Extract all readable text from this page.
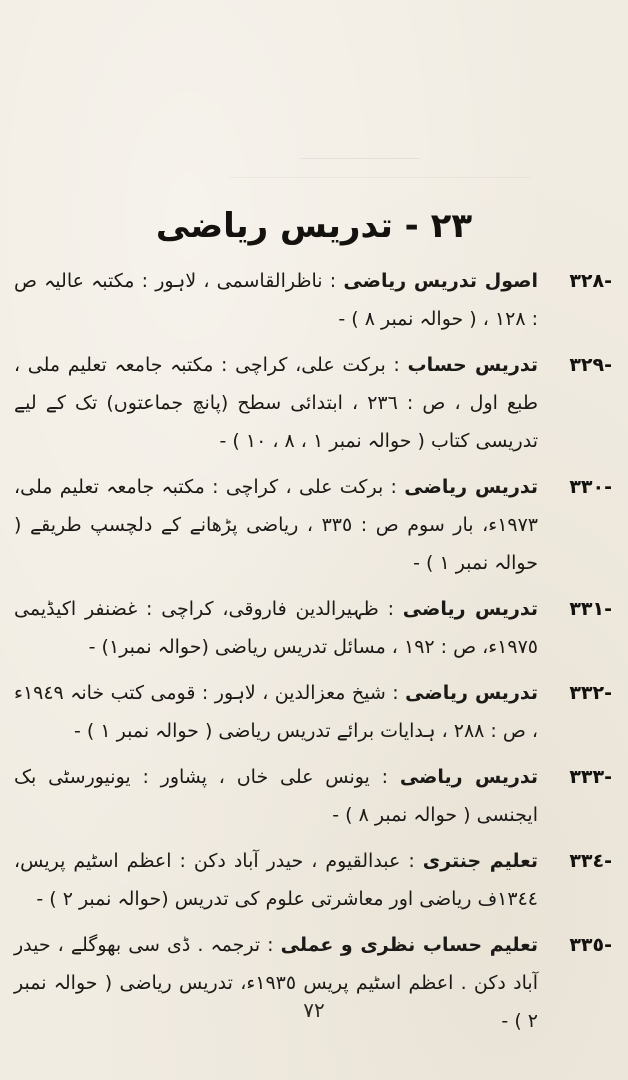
٢٣ - تدریس ریاضی
-٣٢٨
اصول تدریس ریاضی : ناظرالقاسمی ، لاہور : مکتبہ عالیہ ص : ١٢٨ ، ( حوالہ نمبر ٨ ) -
-٣٢٩
تدریس حساب : برکت علی، کراچی : مکتبہ جامعہ تعلیم ملی ، طبع اول ، ص : ٢٣٦ ، ابتدائی سطح (پانچ جماعتوں) تک کے لیے تدریسی کتاب ( حوالہ نمبر ١ ، ٨ ، ١٠ ) -
-٣٣٠
تدریس ریاضی : برکت علی ، کراچی : مکتبہ جامعہ تعلیم ملی، ١٩٧٣ء، بار سوم ص : ٣٣٥ ، ریاضی پڑھانے کے دلچسپ طریقے ( حوالہ نمبر ١ ) -
-٣٣١
تدریس ریاضی : ظہیرالدین فاروقی، کراچی : غضنفر اکیڈیمی ١٩٧٥ء، ص : ١٩٢ ، مسائل تدریس ریاضی (حوالہ نمبر١) -
-٣٣٢
تدریس ریاضی : شیخ معزالدین ، لاہور : قومی کتب خانہ ١٩٤٩ء ، ص : ٢٨٨ ، ہدایات برائے تدریس ریاضی ( حوالہ نمبر ١ ) -
-٣٣٣
تدریس ریاضی : یونس علی خاں ، پشاور : یونیورسٹی بک ایجنسی ( حوالہ نمبر ٨ ) -
-٣٣٤
تعلیم جنتری : عبدالقیوم ، حیدر آباد دکن : اعظم اسٹیم پریس، ١٣٤٤ف ریاضی اور معاشرتی علوم کی تدریس (حوالہ نمبر ٢ ) -
-٣٣٥
تعلیم حساب نظری و عملی : ترجمہ . ڈی سی بھوگلے ، حیدر آباد دکن . اعظم اسٹیم پریس ١٩٣٥ء، تدریس ریاضی ( حوالہ نمبر ٢ ) -
٧٢
